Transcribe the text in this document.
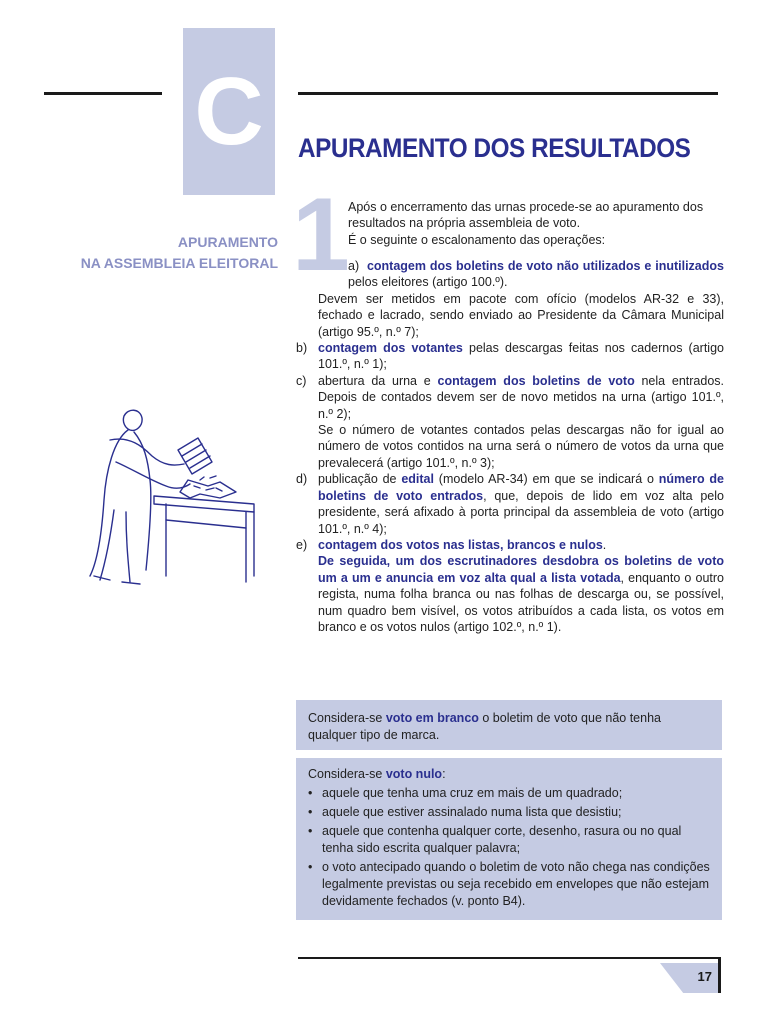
C	APURAMENTO DOS RESULTADOS
APURAMENTO
NA ASSEMBLEIA ELEITORAL 1

Após o encerramento das urnas procede-se ao apuramento dos resultados na própria assembleia de voto.

É o seguinte o escalonamento das operações:

a) contagem dos boletins de voto não utilizados e inutilizados pelos eleitores (artigo 100.º).

Devem ser metidos em pacote com ofício (modelos AR-32 e 33), fechado e lacrado, sendo enviado ao Presidente da Câmara Municipal (artigo 95.º, n.º 7);

b) contagem dos votantes pelas descargas feitas nos cadernos (artigo 101.º, n.º 1);
c) abertura da urna e contagem dos boletins de voto nela entrados. Depois de contados devem ser de novo metidos na urna (artigo 101.º, n.º 2);

Se o número de votantes contados pelas descargas não for igual ao número de votos contidos na urna será o número de votos da urna que prevalecerá (artigo 101.º, n.º 3);

d) publicação de edital (modelo AR-34) em que se indicará o número de boletins de voto entrados, que, depois de lido em voz alta pelo presidente, será afixado à porta principal da assembleia de voto (artigo 101.º, n.º 4);
e) contagem dos votos nas listas, brancos e nulos.
De seguida, um dos escrutinadores desdobra os boletins de voto um a um e anuncia em voz alta qual a lista votada, enquanto o outro regista, numa folha branca ou nas folhas de descarga ou, se possível, num quadro bem visível, os votos atribuídos a cada lista, os votos em branco e os votos nulos (artigo 102.º, n.º 1).
Considera-se voto em branco o boletim de voto que não tenha qualquer tipo de marca.
Considera-se voto nulo:
• aquele que tenha uma cruz em mais de um quadrado;
• aquele que estiver assinalado numa lista que desistiu;
• aquele que contenha qualquer corte, desenho, rasura ou no qual tenha sido escrita qualquer palavra;
• o voto antecipado quando o boletim de voto não chega nas condições legalmente previstas ou seja recebido em envelopes que não estejam devidamente fechados (v. ponto B4).
17
